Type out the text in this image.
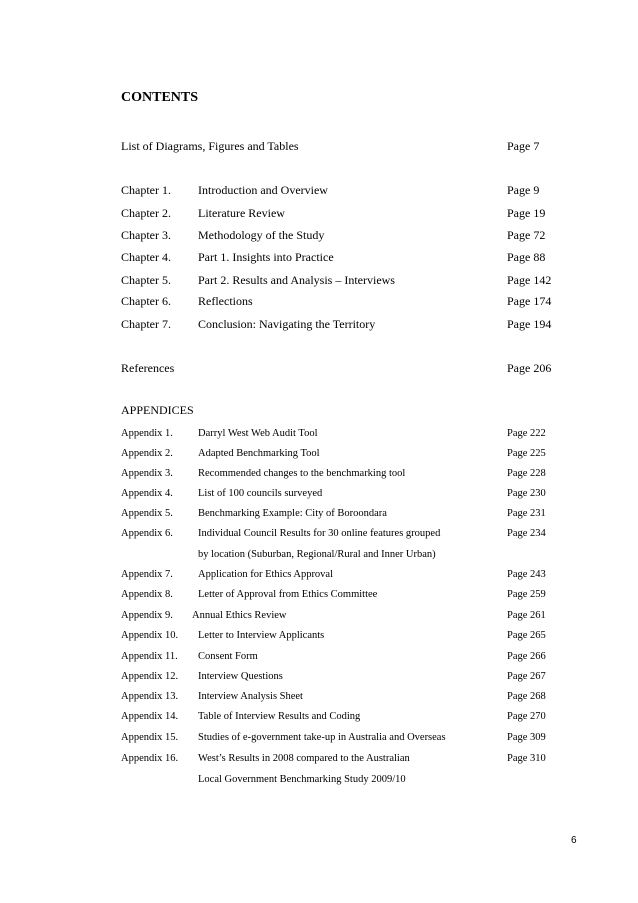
CONTENTS
List of Diagrams, Figures and Tables	Page 7
Chapter 1. Introduction and Overview	Page 9
Chapter 2. Literature Review	Page 19
Chapter 3. Methodology of the Study	Page 72
Chapter 4. Part 1. Insights into Practice	Page 88
Chapter 5. Part 2. Results and Analysis – Interviews	Page 142
Chapter 6. Reflections	Page 174
Chapter 7. Conclusion: Navigating the Territory	Page 194
References	Page 206
APPENDICES
Appendix 1. Darryl West Web Audit Tool	Page 222
Appendix 2. Adapted Benchmarking Tool	Page 225
Appendix 3. Recommended changes to the benchmarking tool	Page 228
Appendix 4. List of 100 councils surveyed	Page 230
Appendix 5. Benchmarking Example: City of Boroondara	Page 231
Appendix 6. Individual Council Results for 30 online features grouped
by location (Suburban, Regional/Rural and Inner Urban)
Page 234
Appendix 7. Application for Ethics Approval	Page 243
Appendix 8. Letter of Approval from Ethics Committee	Page 259
Appendix 9. Annual Ethics Review	Page 261
Appendix 10. Letter to Interview Applicants	Page 265
Appendix 11. Consent Form	Page 266
Appendix 12. Interview Questions	Page 267
Appendix 13. Interview Analysis Sheet	Page 268
Appendix 14. Table of Interview Results and Coding	Page 270
Appendix 15. Studies of e-government take-up in Australia and Overseas	Page 309
Appendix 16. West’s Results in 2008 compared to the Australian
Local Government Benchmarking Study 2009/10
Page 310
6
